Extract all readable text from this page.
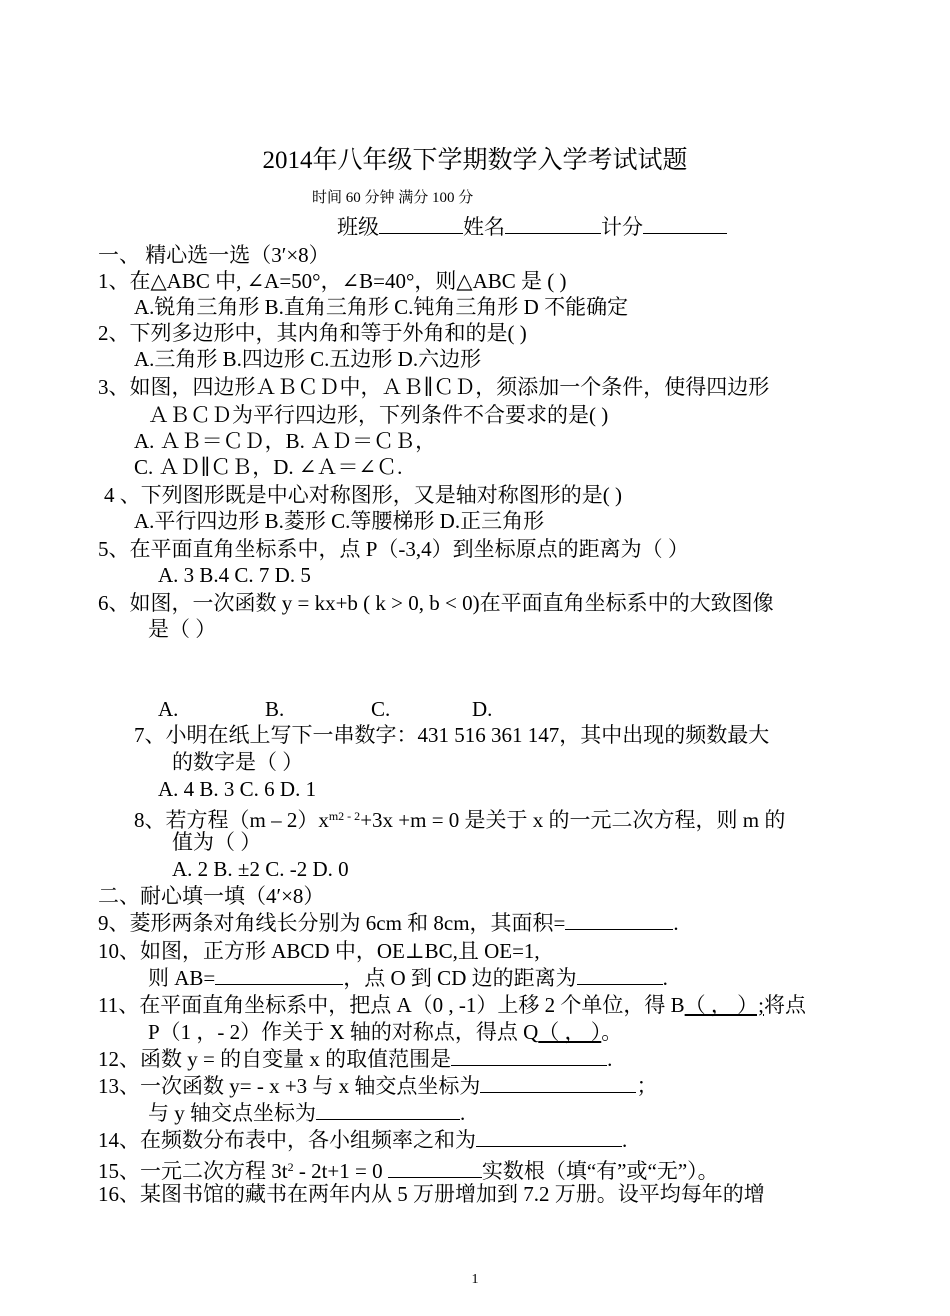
2014年八年级下学期数学入学考试试题
时间 60 分钟 满分 100 分
班级	姓名	计分
一、 精心选一选（3′×8）
1、在△ABC 中, ∠A=50°，∠B=40°，则△ABC 是 ( )
A.锐角三角形 B.直角三角形 C.钝角三角形 D 不能确定
2、下列多边形中，其内角和等于外角和的是( )
A.三角形 B.四边形 C.五边形 D.六边形
3、如图，四边形ＡＢＣＤ中，ＡＢ∥ＣＤ，须添加一个条件，使得四边形
ＡＢＣＤ为平行四边形，下列条件不合要求的是( )
A. ＡＢ＝ＣＤ，B. ＡＤ＝ＣＢ，
C. ＡＤ∥ＣＢ，D. ∠Ａ＝∠Ｃ.
4 、下列图形既是中心对称图形，又是轴对称图形的是( )
A.平行四边形 B.菱形 C.等腰梯形 D.正三角形
5、在平面直角坐标系中，点 P（-3,4）到坐标原点的距离为（ ）
A. 3 B.4 C. 7 D. 5
6、如图，一次函数 y = kx+b ( k > 0, b < 0)在平面直角坐标系中的大致图像
是（ ）
A.	B.	C.	D.
7、小明在纸上写下一串数字：431 516 361 147，其中出现的频数最大
的数字是（ ）
A. 4 B. 3 C. 6 D. 1
8、若方程$(m - 2)x^{m2 - 2}+3x +m = 0$ 是关于 x 的一元二次方程，则 m 的
值为（ ）
A. 2 B. ±2 C. -2 D. 0
二、耐心填一填（4′×8）
9、菱形两条对角线长分别为 6cm 和 8cm，其面积=	.
10、如图，正方形 ABCD 中，OE⊥BC,且 OE=1,
则 AB=	，点 O 到 CD 边的距离为	.
11、在平面直角坐标系中，把点 A（0 , -1）上移 2 个单位，得 B（ ， ）;将点
P（1 ，- 2）作关于 X 轴的对称点，得点 Q（ ， ）。
12、函数 y = 的自变量 x 的取值范围是	.
13、一次函数 y= - x +3 与 x 轴交点坐标为	；
与 y 轴交点坐标为	.
14、在频数分布表中，各小组频率之和为	.
15、一元二次方程 $3t^2 - 2t+1 = 0$	实数根（填“有”或“无”）。
16、某图书馆的藏书在两年内从 5 万册增加到 7.2 万册。设平均每年的增
1
